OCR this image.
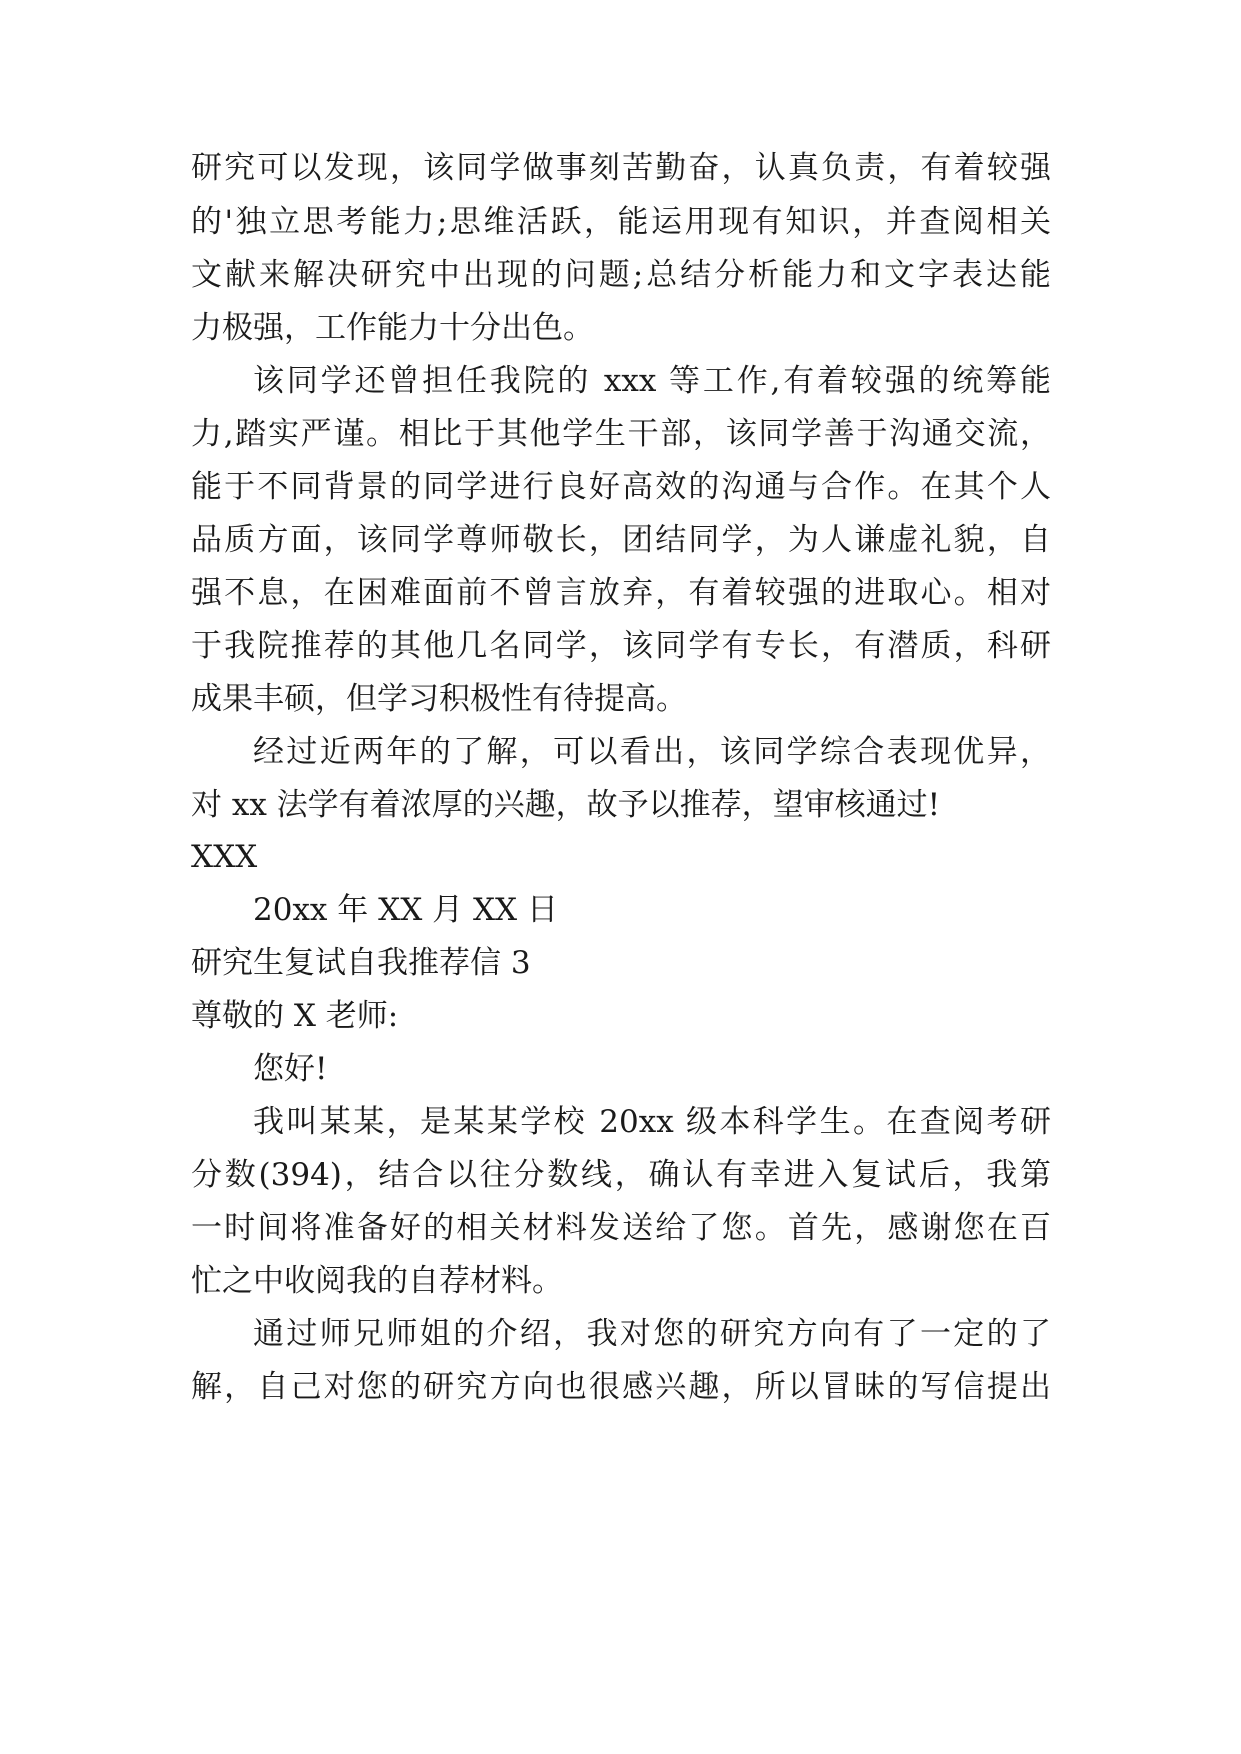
研究可以发现，该同学做事刻苦勤奋，认真负责，有着较强
的'独立思考能力;思维活跃，能运用现有知识，并查阅相关
文献来解决研究中出现的问题;总结分析能力和文字表达能
力极强，工作能力十分出色。
该同学还曾担任我院的 xxx 等工作,有着较强的统筹能
力,踏实严谨。相比于其他学生干部，该同学善于沟通交流，
能于不同背景的同学进行良好高效的沟通与合作。在其个人
品质方面，该同学尊师敬长，团结同学，为人谦虚礼貌，自
强不息，在困难面前不曾言放弃，有着较强的进取心。相对
于我院推荐的其他几名同学，该同学有专长，有潜质，科研
成果丰硕，但学习积极性有待提高。
经过近两年的了解，可以看出，该同学综合表现优异，
对 xx 法学有着浓厚的兴趣，故予以推荐，望审核通过!
XXX
20xx 年 XX 月 XX 日
研究生复试自我推荐信 3
尊敬的 X 老师:
您好!
我叫某某，是某某学校 20xx 级本科学生。在查阅考研
分数(394)，结合以往分数线，确认有幸进入复试后，我第
一时间将准备好的相关材料发送给了您。首先，感谢您在百
忙之中收阅我的自荐材料。
通过师兄师姐的介绍，我对您的研究方向有了一定的了
解，自己对您的研究方向也很感兴趣，所以冒昧的写信提出
